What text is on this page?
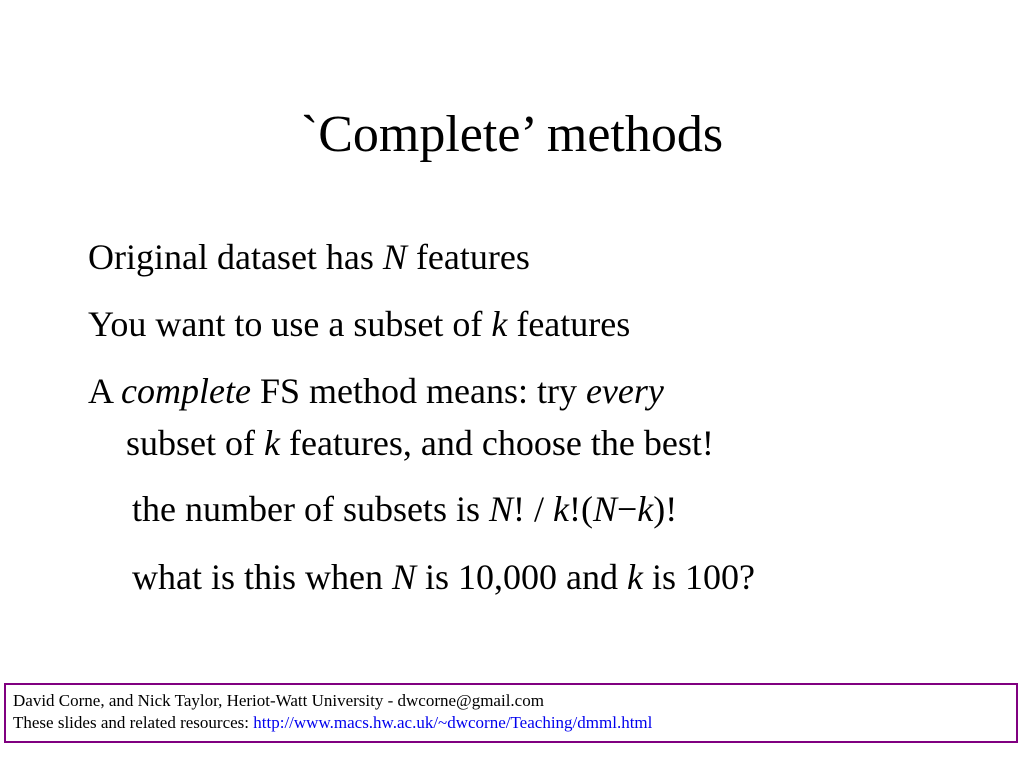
`Complete’ methods
Original dataset has N features
You want to use a subset of k features
A complete FS method means: try every
subset of k features, and choose the best!
the number of subsets is N! / k!(N−k)!
what is this when N is 10,000 and k is 100?
David Corne, and Nick Taylor, Heriot-Watt University - dwcorne@gmail.com
These slides and related resources: http://www.macs.hw.ac.uk/~dwcorne/Teaching/dmml.html
